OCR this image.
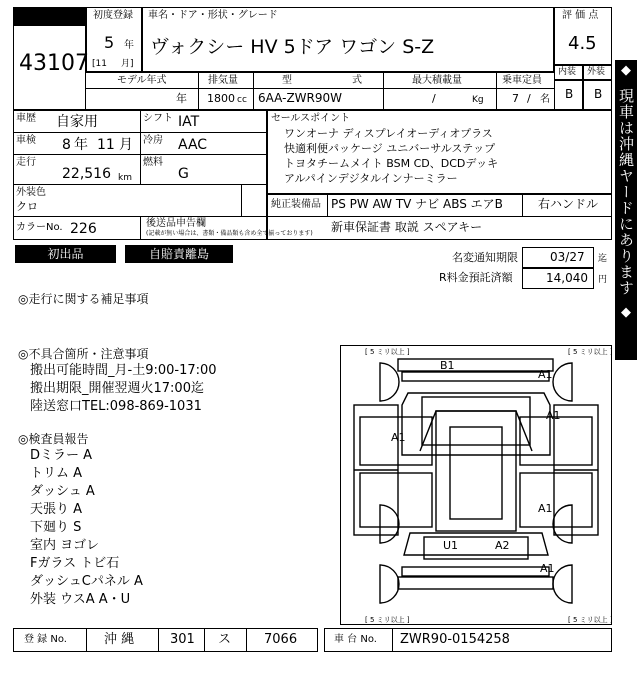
出 品 No.
43107
初度登録
5 年
[11 月]
車名・ドア・形状・グレード
ヴォクシー HV 5ドア ワゴン S-Z
評 価 点
4.5
内装 外装
B B
モデル年式	排気量	型	式	最大積載量	乗車定員
年 1800 cc 6AA-ZWR90W	/	Kg	7 / 名
車歴 自家用	シフト IAT
車検 8 年 11 月 冷房 AAC
走行
22,516 km
燃料
G
外装色
クロ
カラーNo. 226	後送品申告欄
(記載が無い場合は、書類・備品類も含め全て揃っております)
セールスポイント
ワンオーナ ディスプレイオーディオプラス
快適利便パッケージ ユニバーサルステップ
トヨタチームメイト BSM CD、DCDデッキ
アルパインデジタルインナーミラー
純正装備品 PS PW AW TV ナビ ABS エアB	右ハンドル
新車保証書 取説 スペアキー
初出品	自賠責離島	名変通知期限	03/27 迄
R料金預託済額	14,040 円
◎走行に関する補足事項
◎不具合箇所・注意事項
搬出可能時間_月-土9:00-17:00
搬出期限_開催翌週火17:00迄
陸送窓口TEL:098-869-1031
◎検査員報告
Dミラー A
トリム A
ダッシュ A
天張り A
下廻り S
室内 ヨゴレ
Fガラス トビ石
ダッシュCパネル A
外装 ウスA A・U
[ 5 ミリ以上 ]	[ 5 ミリ以上 ]
[ 5 ミリ以上 ]	[ 5 ミリ以上 ]
A1
B1
A1
A1
A1
U1	A2
A1
◆
現車は沖縄ヤードにあります
◆
登 録 No.	沖 縄	301 ス	7066	車 台 No. ZWR90-0154258
